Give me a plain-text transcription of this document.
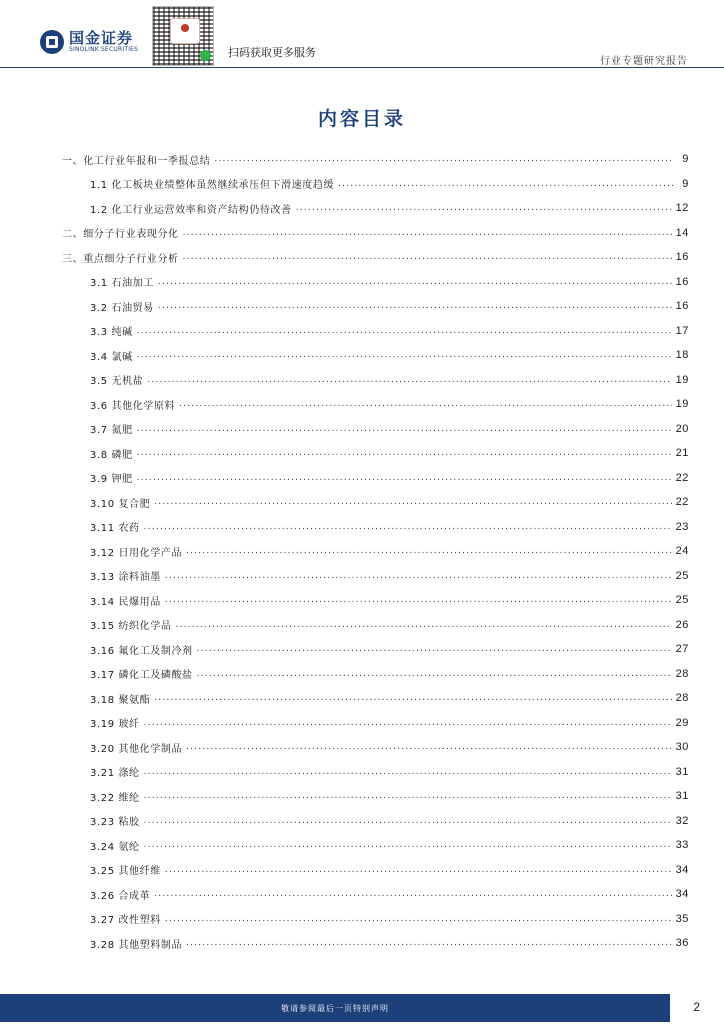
国金证券
SINOLINK SECURITIES	扫码获取更多服务
行业专题研究报告
内容目录
一、化工行业年报和一季报总结 .....	9
1.1 化工板块业绩整体虽然继续承压但下滑速度趋缓 .....	9
1.2 化工行业运营效率和资产结构仍待改善 .....	12
二、细分子行业表现分化 .....	14
三、重点细分子行业分析 .....	16
3.1 石油加工 .....	16
3.2 石油贸易 .....	16
3.3 纯碱 .....	17
3.4 氯碱 .....	18
3.5 无机盐 .....	19
3.6 其他化学原料 .....	19
3.7 氮肥 .....	20
3.8 磷肥 .....	21
3.9 钾肥 .....	22
3.10 复合肥 .....	22
3.11 农药 .....	23
3.12 日用化学产品 .....	24
3.13 涂料油墨 .....	25
3.14 民爆用品 .....	25
3.15 纺织化学品 .....	26
3.16 氟化工及制冷剂 .....	27
3.17 磷化工及磷酸盐 .....	28
3.18 聚氨酯 .....	28
3.19 玻纤 .....	29
3.20 其他化学制品 .....	30
3.21 涤纶 .....	31
3.22 维纶 .....	31
3.23 粘胶 .....	32
3.24 氨纶 .....	33
3.25 其他纤维 .....	34
3.26 合成革 .....	34
3.27 改性塑料 .....	35
3.28 其他塑料制品 .....	36
敬请参阅最后一页特别声明	2
